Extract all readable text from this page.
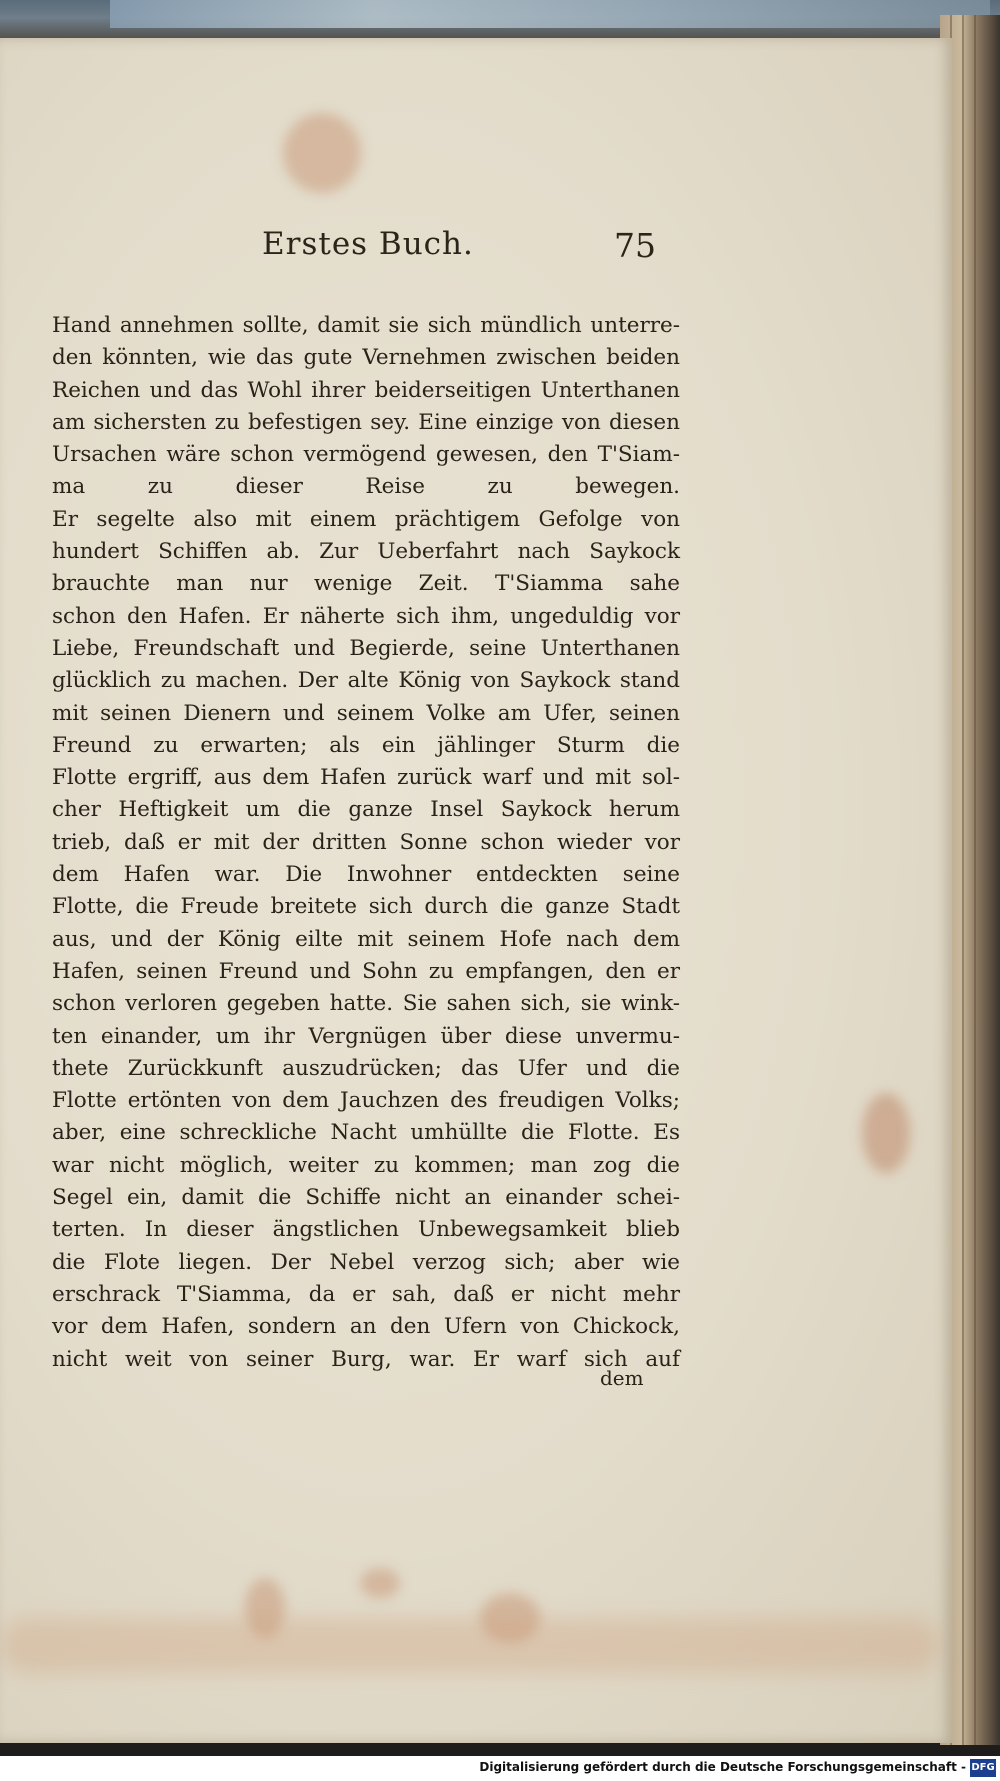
Erstes Buch.	75
Hand annehmen sollte, damit sie sich mündlich unterre-
den könnten, wie das gute Vernehmen zwischen beiden
Reichen und das Wohl ihrer beiderseitigen Unterthanen
am sichersten zu befestigen sey. Eine einzige von diesen
Ursachen wäre schon vermögend gewesen, den T'Siam-
ma zu dieser Reise zu bewegen.
Er segelte also mit einem prächtigem Gefolge von
hundert Schiffen ab. Zur Ueberfahrt nach Saykock
brauchte man nur wenige Zeit. T'Siamma sahe
schon den Hafen. Er näherte sich ihm, ungeduldig vor
Liebe, Freundschaft und Begierde, seine Unterthanen
glücklich zu machen. Der alte König von Saykock stand
mit seinen Dienern und seinem Volke am Ufer, seinen
Freund zu erwarten; als ein jählinger Sturm die
Flotte ergriff, aus dem Hafen zurück warf und mit sol-
cher Heftigkeit um die ganze Insel Saykock herum
trieb, daß er mit der dritten Sonne schon wieder vor
dem Hafen war. Die Inwohner entdeckten seine
Flotte, die Freude breitete sich durch die ganze Stadt
aus, und der König eilte mit seinem Hofe nach dem
Hafen, seinen Freund und Sohn zu empfangen, den er
schon verloren gegeben hatte. Sie sahen sich, sie wink-
ten einander, um ihr Vergnügen über diese unvermu-
thete Zurückkunft auszudrücken; das Ufer und die
Flotte ertönten von dem Jauchzen des freudigen Volks;
aber, eine schreckliche Nacht umhüllte die Flotte. Es
war nicht möglich, weiter zu kommen; man zog die
Segel ein, damit die Schiffe nicht an einander schei-
terten. In dieser ängstlichen Unbewegsamkeit blieb
die Flote liegen. Der Nebel verzog sich; aber wie
erschrack T'Siamma, da er sah, daß er nicht mehr
vor dem Hafen, sondern an den Ufern von Chickock,
nicht weit von seiner Burg, war. Er warf sich auf
dem
Digitalisierung gefördert durch die Deutsche Forschungsgemeinschaft - DFG
